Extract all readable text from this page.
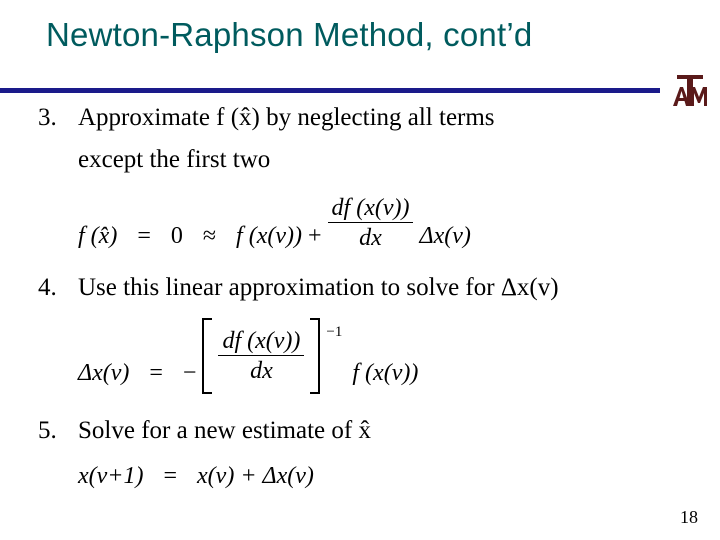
Newton-Raphson Method, cont’d
3. Approximate f (x̂) by neglecting all terms
except the first two
f (x̂) = 0 ≈ f $(x(v)) + \frac{df (x(v))}{dx} \Delta x(v)$
4. Use this linear approximation to solve for Δx(v)
Δx(v) = − $\frac{df (x(v))}{dx} ^{-1}$ f (x(v))
5. Solve for a new estimate of x̂
x(v+1) = x(v) + Δx(v)
18
